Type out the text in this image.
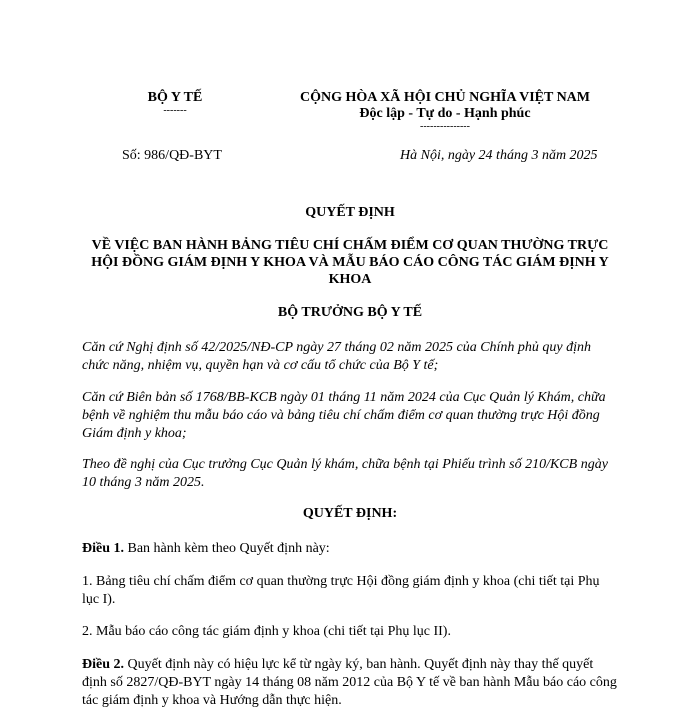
BỘ Y TẾ
-------
CỘNG HÒA XÃ HỘI CHỦ NGHĨA VIỆT NAM
Độc lập - Tự do - Hạnh phúc
---------------
Số: 986/QĐ-BYT	Hà Nội, ngày 24 tháng 3 năm 2025
QUYẾT ĐỊNH
VỀ VIỆC BAN HÀNH BẢNG TIÊU CHÍ CHẤM ĐIỂM CƠ QUAN THƯỜNG TRỰC HỘI ĐỒNG GIÁM ĐỊNH Y KHOA VÀ MẪU BÁO CÁO CÔNG TÁC GIÁM ĐỊNH Y KHOA
BỘ TRƯỞNG BỘ Y TẾ
Căn cứ Nghị định số 42/2025/NĐ-CP ngày 27 tháng 02 năm 2025 của Chính phủ quy định chức năng, nhiệm vụ, quyền hạn và cơ cấu tổ chức của Bộ Y tế;
Căn cứ Biên bản số 1768/BB-KCB ngày 01 tháng 11 năm 2024 của Cục Quản lý Khám, chữa bệnh về nghiệm thu mẫu báo cáo và bảng tiêu chí chấm điểm cơ quan thường trực Hội đồng Giám định y khoa;
Theo đề nghị của Cục trưởng Cục Quản lý khám, chữa bệnh tại Phiếu trình số 210/KCB ngày 10 tháng 3 năm 2025.
QUYẾT ĐỊNH:
Điều 1. Ban hành kèm theo Quyết định này:
1. Bảng tiêu chí chấm điểm cơ quan thường trực Hội đồng giám định y khoa (chi tiết tại Phụ lục I).
2. Mẫu báo cáo công tác giám định y khoa (chi tiết tại Phụ lục II).
Điều 2. Quyết định này có hiệu lực kể từ ngày ký, ban hành. Quyết định này thay thế quyết định số 2827/QĐ-BYT ngày 14 tháng 08 năm 2012 của Bộ Y tế về ban hành Mẫu báo cáo công tác giám định y khoa và Hướng dẫn thực hiện.
